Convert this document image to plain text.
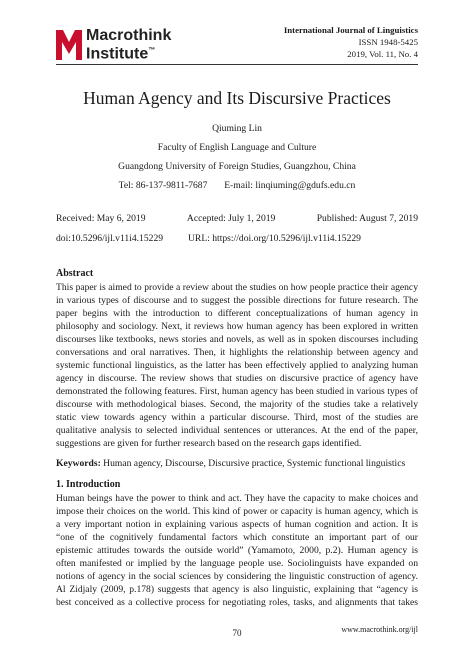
Macrothink
Institute™
International Journal of Linguistics
ISSN 1948-5425
2019, Vol. 11, No. 4
Human Agency and Its Discursive Practices
Qiuming Lin
Faculty of English Language and Culture
Guangdong University of Foreign Studies, Guangzhou, China
Tel: 86-137-9811-7687       E-mail: linqiuming@gdufs.edu.cn
Received: May 6, 2019	Accepted: July 1, 2019	Published: August 7, 2019
doi:10.5296/ijl.v11i4.15229	URL: https://doi.org/10.5296/ijl.v11i4.15229
Abstract
This paper is aimed to provide a review about the studies on how people practice their agency
in various types of discourse and to suggest the possible directions for future research. The
paper begins with the introduction to different conceptualizations of human agency in
philosophy and sociology. Next, it reviews how human agency has been explored in written
discourses like textbooks, news stories and novels, as well as in spoken discourses including
conversations and oral narratives. Then, it highlights the relationship between agency and
systemic functional linguistics, as the latter has been effectively applied to analyzing human
agency in discourse. The review shows that studies on discursive practice of agency have
demonstrated the following features. First, human agency has been studied in various types of
discourse with methodological biases. Second, the majority of the studies take a relatively
static view towards agency within a particular discourse. Third, most of the studies are
qualitative analysis to selected individual sentences or utterances. At the end of the paper,
suggestions are given for further research based on the research gaps identified.
Keywords: Human agency, Discourse, Discursive practice, Systemic functional linguistics
1. Introduction
Human beings have the power to think and act. They have the capacity to make choices and
impose their choices on the world. This kind of power or capacity is human agency, which is
a very important notion in explaining various aspects of human cognition and action. It is
“one of the cognitively fundamental factors which constitute an important part of our
epistemic attitudes towards the outside world” (Yamamoto, 2000, p.2). Human agency is
often manifested or implied by the language people use. Sociolinguists have expanded on
notions of agency in the social sciences by considering the linguistic construction of agency.
Al Zidjaly (2009, p.178) suggests that agency is also linguistic, explaining that “agency is
best conceived as a collective process for negotiating roles, tasks, and alignments that takes
www.macrothink.org/ijl
70
